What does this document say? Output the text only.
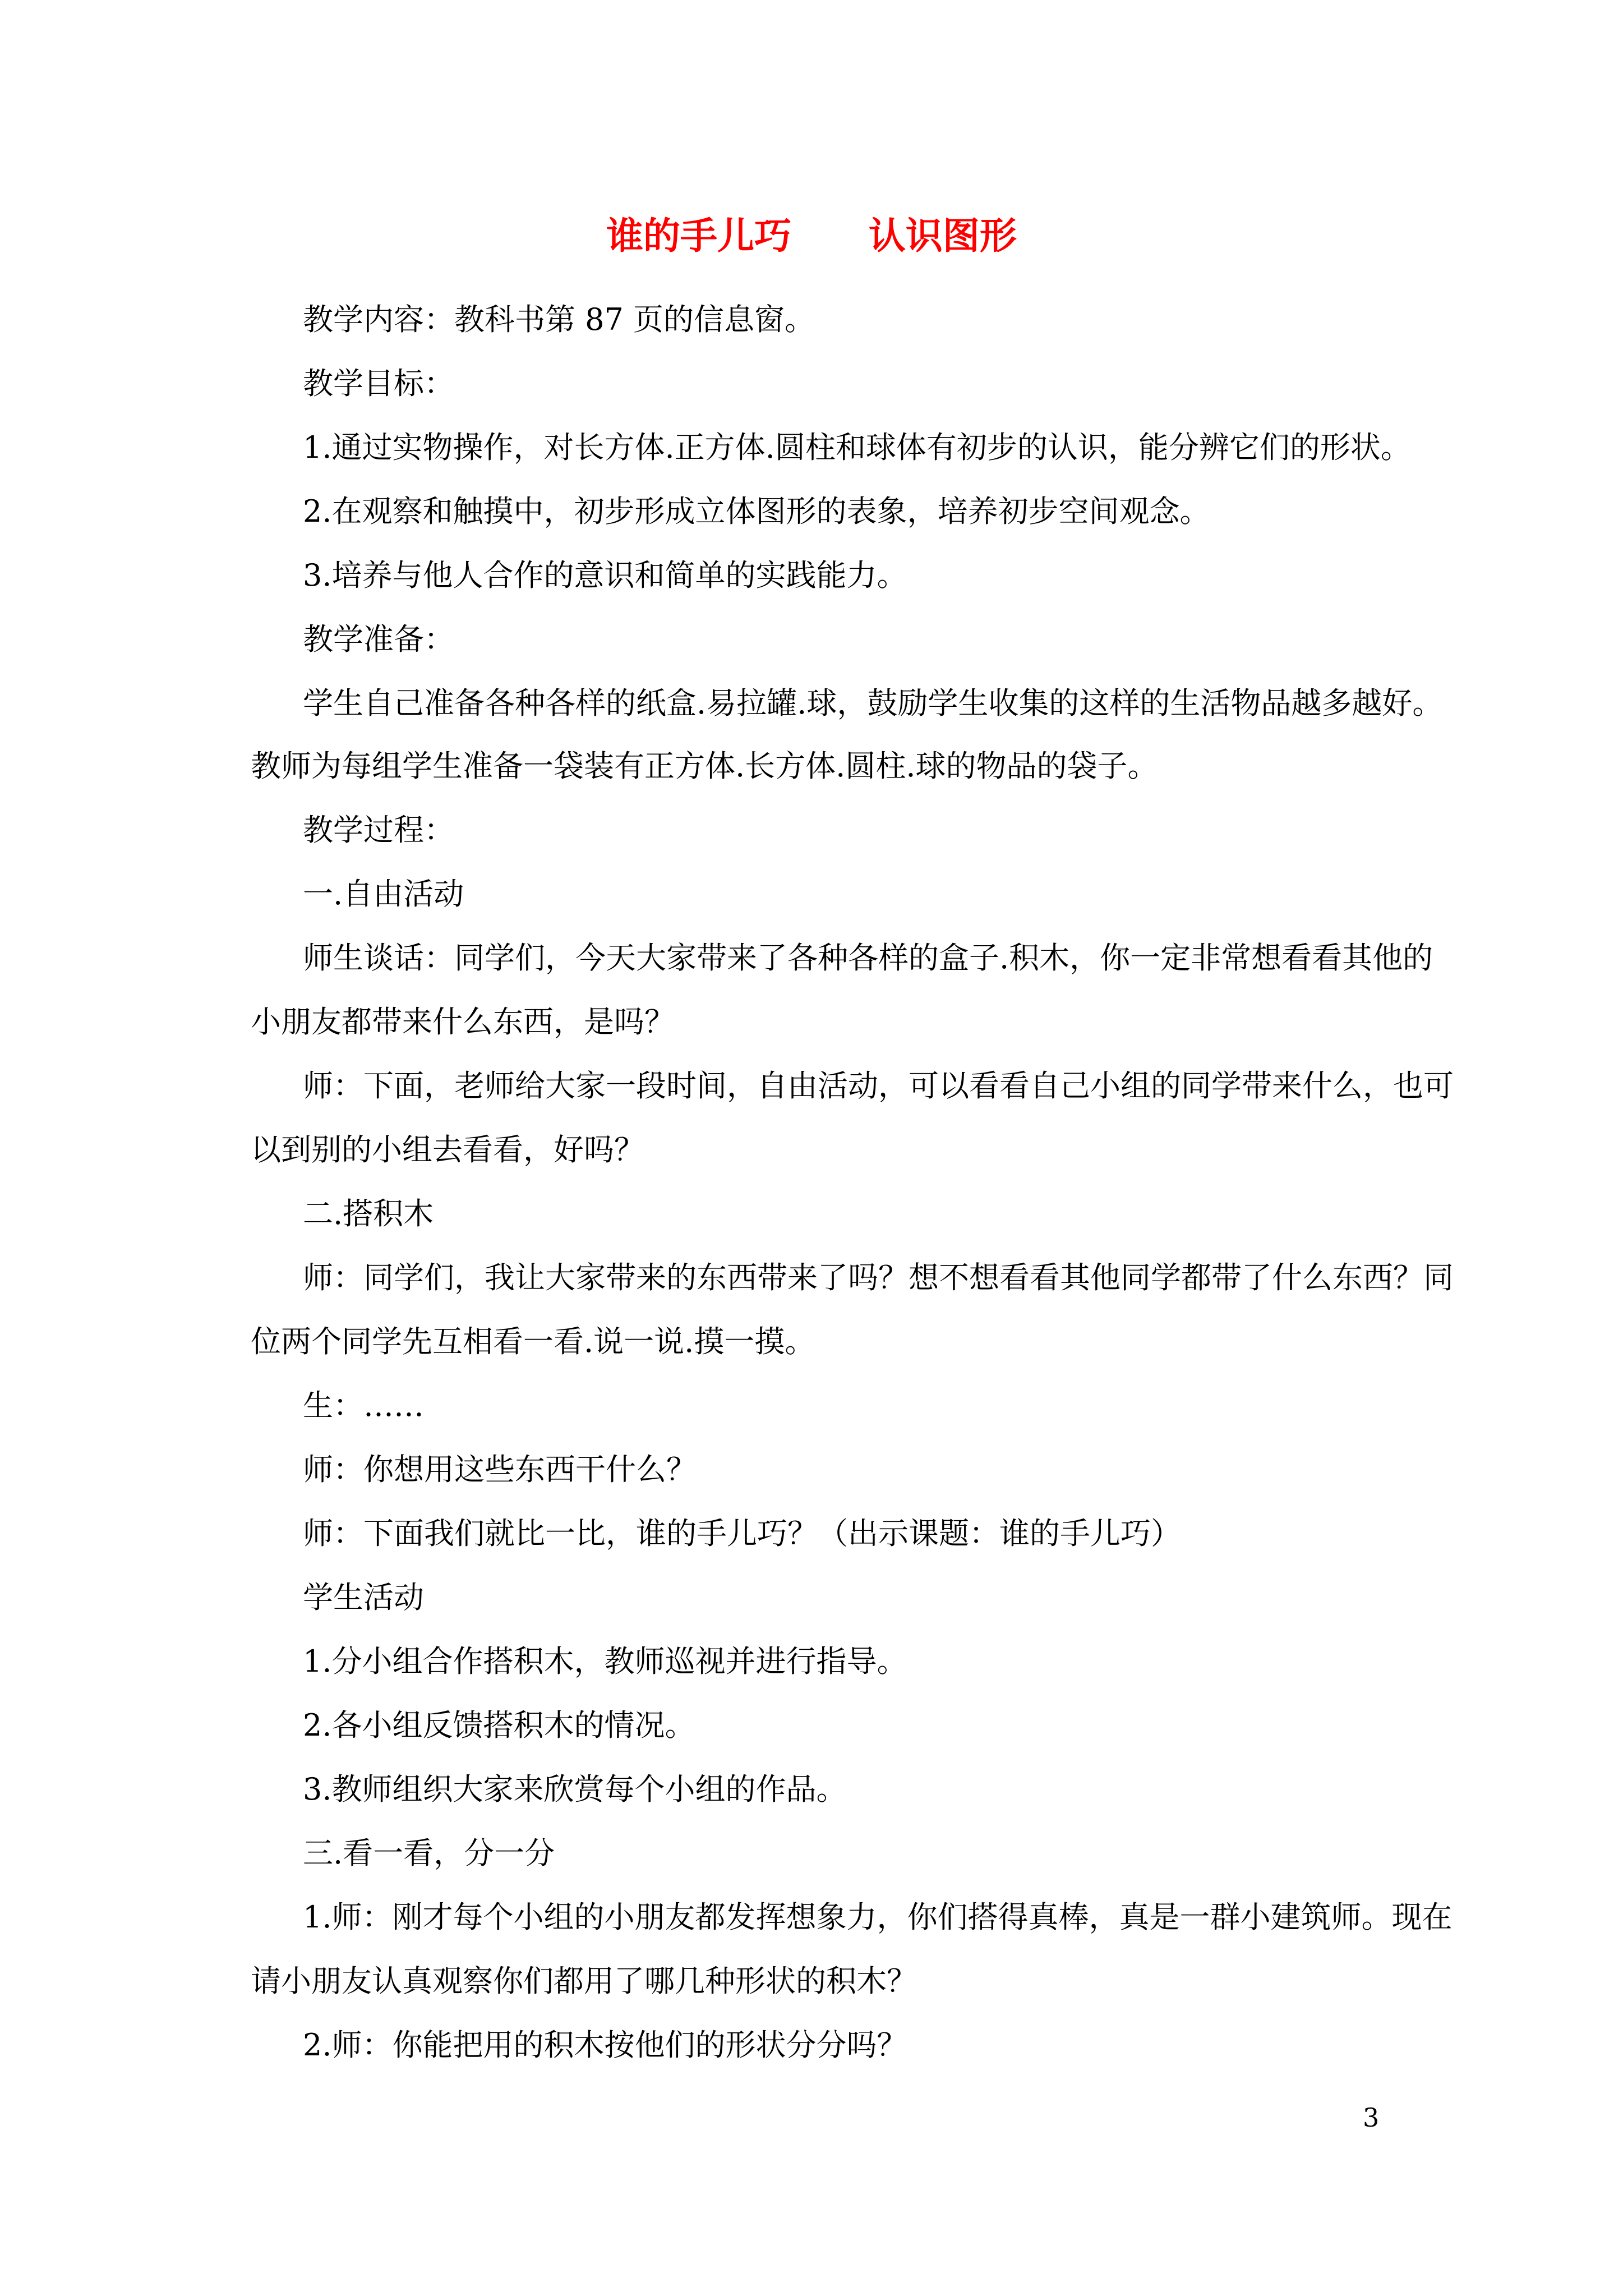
谁的手儿巧      认识图形
教学内容：教科书第 87 页的信息窗。
教学目标：
1.通过实物操作，对长方体.正方体.圆柱和球体有初步的认识，能分辨它们的形状。
2.在观察和触摸中，初步形成立体图形的表象，培养初步空间观念。
3.培养与他人合作的意识和简单的实践能力。
教学准备：
学生自己准备各种各样的纸盒.易拉罐.球，鼓励学生收集的这样的生活物品越多越好。
教师为每组学生准备一袋装有正方体.长方体.圆柱.球的物品的袋子。
教学过程：
一.自由活动
师生谈话：同学们，今天大家带来了各种各样的盒子.积木，你一定非常想看看其他的
小朋友都带来什么东西，是吗？
师：下面，老师给大家一段时间，自由活动，可以看看自己小组的同学带来什么，也可
以到别的小组去看看，好吗？
二.搭积木
师：同学们，我让大家带来的东西带来了吗？想不想看看其他同学都带了什么东西？同
位两个同学先互相看一看.说一说.摸一摸。
生：……
师：你想用这些东西干什么？
师：下面我们就比一比，谁的手儿巧？（出示课题：谁的手儿巧）
学生活动
1.分小组合作搭积木，教师巡视并进行指导。
2.各小组反馈搭积木的情况。
3.教师组织大家来欣赏每个小组的作品。
三.看一看，分一分
1.师：刚才每个小组的小朋友都发挥想象力，你们搭得真棒，真是一群小建筑师。现在
请小朋友认真观察你们都用了哪几种形状的积木？
2.师：你能把用的积木按他们的形状分分吗？
3
